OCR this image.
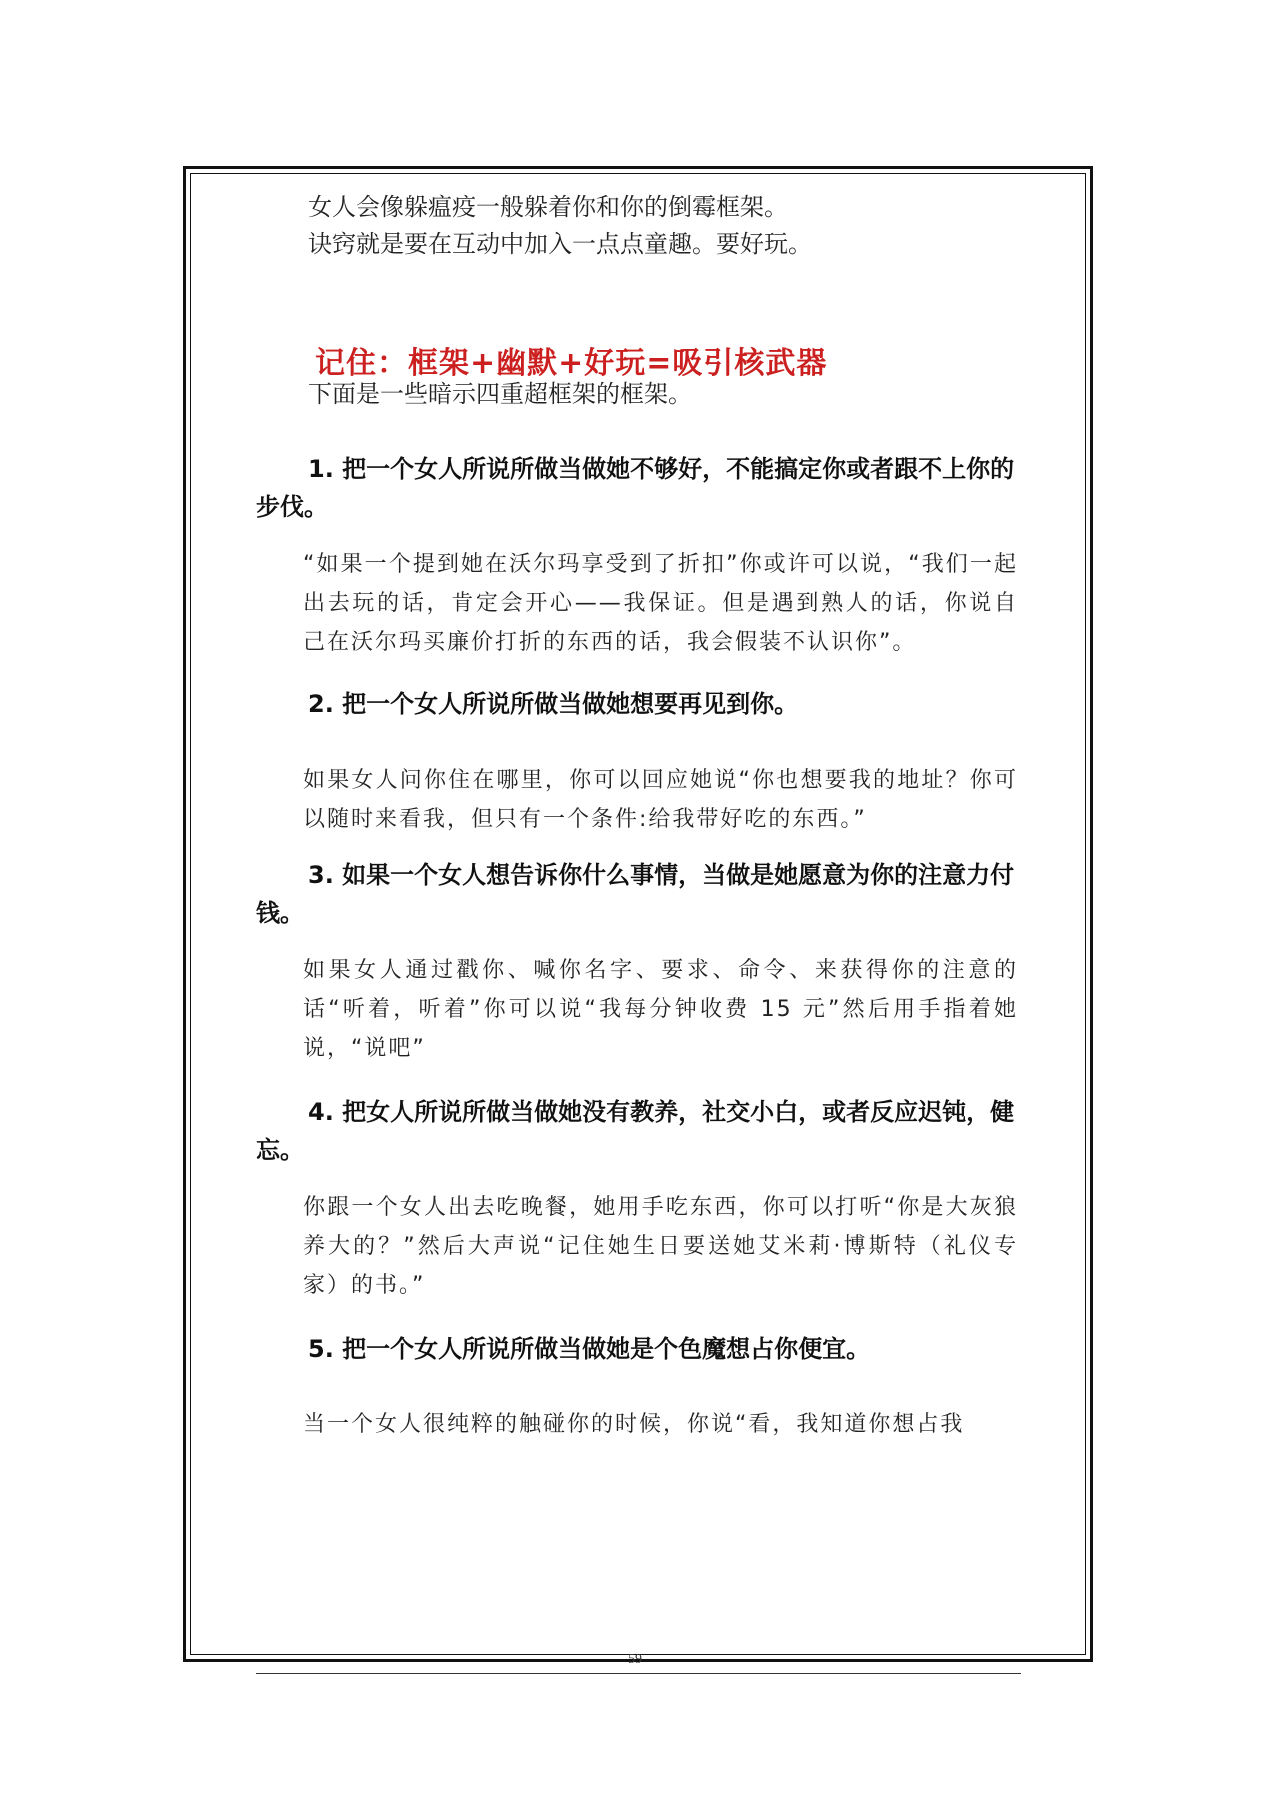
女人会像躲瘟疫一般躲着你和你的倒霉框架。

诀窍就是要在互动中加入一点点童趣。要好玩。

记住：框架+幽默+好玩=吸引核武器

下面是一些暗示四重超框架的框架。

1. 把一个女人所说所做当做她不够好，不能搞定你或者跟不上你的步伐。

“如果一个提到她在沃尔玛享受到了折扣”你或许可以说，“我们一起出去玩的话，肯定会开心——我保证。但是遇到熟人的话，你说自己在沃尔玛买廉价打折的东西的话，我会假装不认识你”。

2. 把一个女人所说所做当做她想要再见到你。

如果女人问你住在哪里，你可以回应她说“你也想要我的地址？你可以随时来看我，但只有一个条件:给我带好吃的东西。”

3. 如果一个女人想告诉你什么事情，当做是她愿意为你的注意力付钱。

如果女人通过戳你、喊你名字、要求、命令、来获得你的注意的话“听着，听着”你可以说“我每分钟收费 15 元”然后用手指着她说，“说吧”

4. 把女人所说所做当做她没有教养，社交小白，或者反应迟钝，健忘。

你跟一个女人出去吃晚餐，她用手吃东西，你可以打听“你是大灰狼养大的？”然后大声说“记住她生日要送她艾米莉·博斯特（礼仪专家）的书。”

5. 把一个女人所说所做当做她是个色魔想占你便宜。

当一个女人很纯粹的触碰你的时候，你说“看，我知道你想占我

59
